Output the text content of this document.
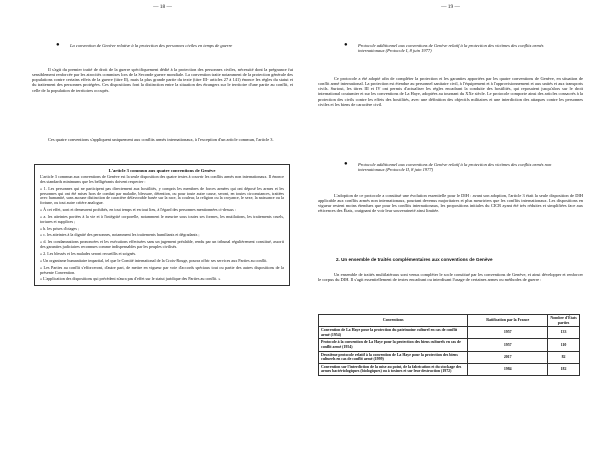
— 18 —
●	La convention de Genève relative à la protection des personnes civiles en temps de guerre
Il s'agit du premier traité de droit de la guerre spécifiquement dédié à la protection des personnes civiles, nécessité dont la prégnance fut sensiblement renforcée par les atrocités commises lors de la Seconde guerre mondiale. La convention traite notamment de la protection générale des populations contre certains effets de la guerre (titre II), mais la plus grande partie du texte (titre III- articles 27 à 141) énonce les règles du statut et du traitement des personnes protégées. Ces dispositions font la distinction entre la situation des étrangers sur le territoire d'une partie au conflit, et celle de la population de territoires occupés.
Ces quatre conventions s'appliquent uniquement aux conflits armés internationaux, à l'exception d'un article commun, l'article 3.
L'article 3 commun aux quatre conventions de Genève

L'article 3 commun aux conventions de Genève est la seule disposition des quatre textes à couvrir les conflits armés non internationaux. Il énonce des standards minimums que les belligérants doivent respecter :

« 1. Les personnes qui ne participent pas directement aux hostilités, y compris les membres de forces armées qui ont déposé les armes et les personnes qui ont été mises hors de combat par maladie, blessure, détention, ou pour toute autre cause, seront, en toutes circonstances, traitées avec humanité, sans aucune distinction de caractère défavorable basée sur la race, la couleur, la religion ou la croyance, le sexe, la naissance ou la fortune, ou tout autre critère analogue.

« À cet effet, sont et demeurent prohibés, en tout temps et en tout lieu, à l'égard des personnes mentionnées ci-dessus :

« a. les atteintes portées à la vie et à l'intégrité corporelle, notamment le meurtre sous toutes ses formes, les mutilations, les traitements cruels, tortures et supplices ;

« b. les prises d'otages ;

« c. les atteintes à la dignité des personnes, notamment les traitements humiliants et dégradants ;

« d. les condamnations prononcées et les exécutions effectuées sans un jugement préalable, rendu par un tribunal régulièrement constitué, assorti des garanties judiciaires reconnues comme indispensables par les peuples civilisés.

« 2. Les blessés et les malades seront recueillis et soignés.

« Un organisme humanitaire impartial, tel que le Comité international de la Croix-Rouge, pourra offrir ses services aux Parties au conflit.

« Les Parties au conflit s'efforceront, d'autre part, de mettre en vigueur par voie d'accords spéciaux tout ou partie des autres dispositions de la présente Convention.

« L'application des dispositions qui précèdent n'aura pas d'effet sur le statut juridique des Parties au conflit. »

— 19 —
●	Protocole additionnel aux conventions de Genève relatif à la protection des victimes des conflits armés internationaux (Protocole I, 8 juin 1977)
Ce protocole a été adopté afin de compléter la protection et les garanties apportées par les quatre conventions de Genève, en situation de conflit armé international. La protection est étendue au personnel sanitaire civil, à l'équipement et à l'approvisionnement et aux unités et aux transports civils. Surtout, les titres III et IV ont permis d'actualiser les règles encadrant la conduite des hostilités, qui reposaient jusqu'alors sur le droit international coutumier et sur les conventions de La Haye, adoptées au tournant du XXe siècle. Le protocole comporte ainsi des articles consacrés à la protection des civils contre les effets des hostilités, avec une définition des objectifs militaires et une interdiction des attaques contre les personnes civiles et les biens de caractère civil.
●	Protocole additionnel aux conventions de Genève relatif à la protection des victimes des conflits armés non internationaux (Protocole II, 8 juin 1977)
L'adoption de ce protocole a constitué une évolution essentielle pour le DIH : avant son adoption, l'article 3 était la seule disposition de DIH applicable aux conflits armés non internationaux, pourtant devenus majoritaires et plus meurtriers que les conflits internationaux. Les dispositions en vigueur restent moins étendues que pour les conflits internationaux, les propositions initiales du CICR ayant été très réduites et simplifiées face aux réticences des États, craignant de voir leur souveraineté ainsi limitée.
2. Un ensemble de traités complémentaires aux conventions de Genève
Un ensemble de traités multilatéraux sont venus compléter le socle constitué par les conventions de Genève, et ainsi développer et renforcer le corpus du DIH. Il s'agit essentiellement de textes encadrant ou interdisant l'usage de certaines armes ou méthodes de guerre :
Conventions	Ratification par la France	Nombre d'États parties
Convention de La Haye pour la protection du patrimoine culturel en cas de conflit armé (1954)	1957	133
Protocole à la convention de La Haye pour la protection des biens culturels en cas de conflit armé (1954)	1957	110
Deuxième protocole relatif à la convention de La Haye pour la protection des biens culturels en cas de conflit armé (1999)	2017	82
Convention sur l'interdiction de la mise au point, de la fabrication et du stockage des armes bactériologiques (biologiques) ou à toxines et sur leur destruction (1972)	1984	182
